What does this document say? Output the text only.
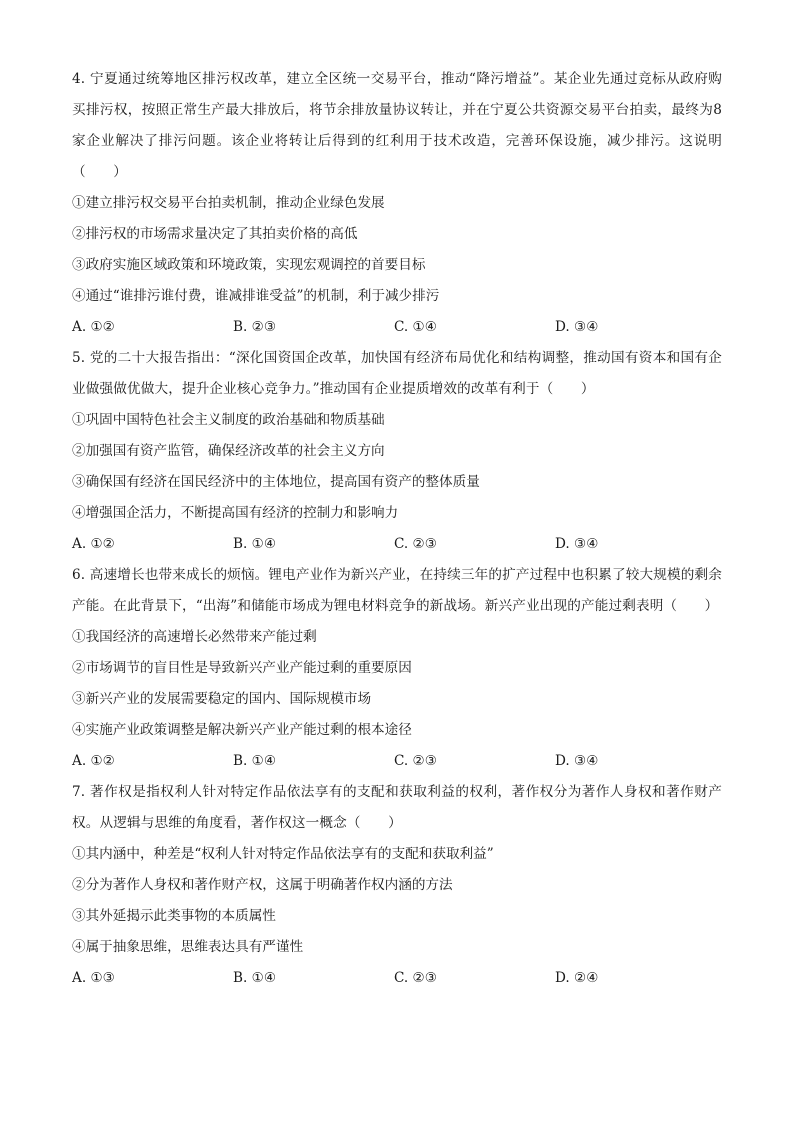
4. 宁夏通过统筹地区排污权改革，建立全区统一交易平台，推动“降污增益”。某企业先通过竞标从政府购买排污权，按照正常生产最大排放后，将节余排放量协议转让，并在宁夏公共资源交易平台拍卖，最终为8家企业解决了排污问题。该企业将转让后得到的红利用于技术改造，完善环保设施，减少排污。这说明（　　）

①建立排污权交易平台拍卖机制，推动企业绿色发展

②排污权的市场需求量决定了其拍卖价格的高低

③政府实施区域政策和环境政策，实现宏观调控的首要目标

④通过“谁排污谁付费，谁减排谁受益”的机制，利于减少排污

A. ①②	B. ②③	C. ①④	D. ③④

5. 党的二十大报告指出：“深化国资国企改革，加快国有经济布局优化和结构调整，推动国有资本和国有企业做强做优做大，提升企业核心竞争力。”推动国有企业提质增效的改革有利于（　　）

①巩固中国特色社会主义制度的政治基础和物质基础

②加强国有资产监管，确保经济改革的社会主义方向

③确保国有经济在国民经济中的主体地位，提高国有资产的整体质量

④增强国企活力，不断提高国有经济的控制力和影响力

A. ①②	B. ①④	C. ②③	D. ③④

6. 高速增长也带来成长的烦恼。锂电产业作为新兴产业，在持续三年的扩产过程中也积累了较大规模的剩余产能。在此背景下，“出海”和储能市场成为锂电材料竞争的新战场。新兴产业出现的产能过剩表明（　　）

①我国经济的高速增长必然带来产能过剩

②市场调节的盲目性是导致新兴产业产能过剩的重要原因

③新兴产业的发展需要稳定的国内、国际规模市场

④实施产业政策调整是解决新兴产业产能过剩的根本途径

A. ①②	B. ①④	C. ②③	D. ③④

7. 著作权是指权利人针对特定作品依法享有的支配和获取利益的权利，著作权分为著作人身权和著作财产权。从逻辑与思维的角度看，著作权这一概念（　　）

①其内涵中，种差是“权利人针对特定作品依法享有的支配和获取利益”

②分为著作人身权和著作财产权，这属于明确著作权内涵的方法

③其外延揭示此类事物的本质属性

④属于抽象思维，思维表达具有严谨性

A. ①③	B. ①④	C. ②③	D. ②④
